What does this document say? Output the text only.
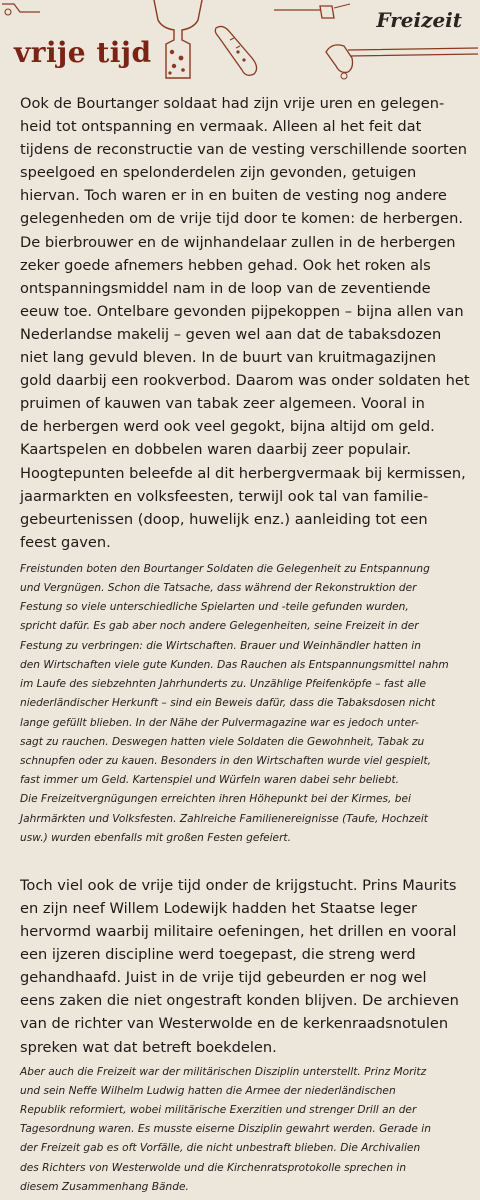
vrije tijd
Freizeit

Ook de Bourtanger soldaat had zijn vrije uren en gelegen-
heid tot ontspanning en vermaak. Alleen al het feit dat
tijdens de reconstructie van de vesting verschillende soorten
speelgoed en spelonderdelen zijn gevonden, getuigen
hiervan. Toch waren er in en buiten de vesting nog andere
gelegenheden om de vrije tijd door te komen: de herbergen.
De bierbrouwer en de wijnhandelaar zullen in de herbergen
zeker goede afnemers hebben gehad. Ook het roken als
ontspanningsmiddel nam in de loop van de zeventiende
eeuw toe. Ontelbare gevonden pijpekoppen – bijna allen van
Nederlandse makelij – geven wel aan dat de tabaksdozen
niet lang gevuld bleven. In de buurt van kruitmagazijnen
gold daarbij een rookverbod. Daarom was onder soldaten het
pruimen of kauwen van tabak zeer algemeen. Vooral in
de herbergen werd ook veel gegokt, bijna altijd om geld.
Kaartspelen en dobbelen waren daarbij zeer populair.
Hoogtepunten beleefde al dit herbergvermaak bij kermissen,
jaarmarkten en volksfeesten, terwijl ook tal van familie-
gebeurtenissen (doop, huwelijk enz.) aanleiding tot een
feest gaven.

Freistunden boten den Bourtanger Soldaten die Gelegenheit zu Entspannung
und Vergnügen. Schon die Tatsache, dass während der Rekonstruktion der
Festung so viele unterschiedliche Spielarten und -teile gefunden wurden,
spricht dafür. Es gab aber noch andere Gelegenheiten, seine Freizeit in der
Festung zu verbringen: die Wirtschaften. Brauer und Weinhändler hatten in
den Wirtschaften viele gute Kunden. Das Rauchen als Entspannungsmittel nahm
im Laufe des siebzehnten Jahrhunderts zu. Unzählige Pfeifenköpfe – fast alle
niederländischer Herkunft – sind ein Beweis dafür, dass die Tabaksdosen nicht
lange gefüllt blieben. In der Nähe der Pulvermagazine war es jedoch unter-
sagt zu rauchen. Deswegen hatten viele Soldaten die Gewohnheit, Tabak zu
schnupfen oder zu kauen. Besonders in den Wirtschaften wurde viel gespielt,
fast immer um Geld. Kartenspiel und Würfeln waren dabei sehr beliebt.
Die Freizeitvergnügungen erreichten ihren Höhepunkt bei der Kirmes, bei
Jahrmärkten und Volksfesten. Zahlreiche Familienereignisse (Taufe, Hochzeit
usw.) wurden ebenfalls mit großen Festen gefeiert.

Toch viel ook de vrije tijd onder de krijgstucht. Prins Maurits
en zijn neef Willem Lodewijk hadden het Staatse leger
hervormd waarbij militaire oefeningen, het drillen en vooral
een ijzeren discipline werd toegepast, die streng werd
gehandhaafd. Juist in de vrije tijd gebeurden er nog wel
eens zaken die niet ongestraft konden blijven. De archieven
van de richter van Westerwolde en de kerkenraadsnotulen
spreken wat dat betreft boekdelen.

Aber auch die Freizeit war der militärischen Disziplin unterstellt. Prinz Moritz
und sein Neffe Wilhelm Ludwig hatten die Armee der niederländischen
Republik reformiert, wobei militärische Exerzitien und strenger Drill an der
Tagesordnung waren. Es musste eiserne Disziplin gewahrt werden. Gerade in
der Freizeit gab es oft Vorfälle, die nicht unbestraft blieben. Die Archivalien
des Richters von Westerwolde und die Kirchenratsprotokolle sprechen in
diesem Zusammenhang Bände.
